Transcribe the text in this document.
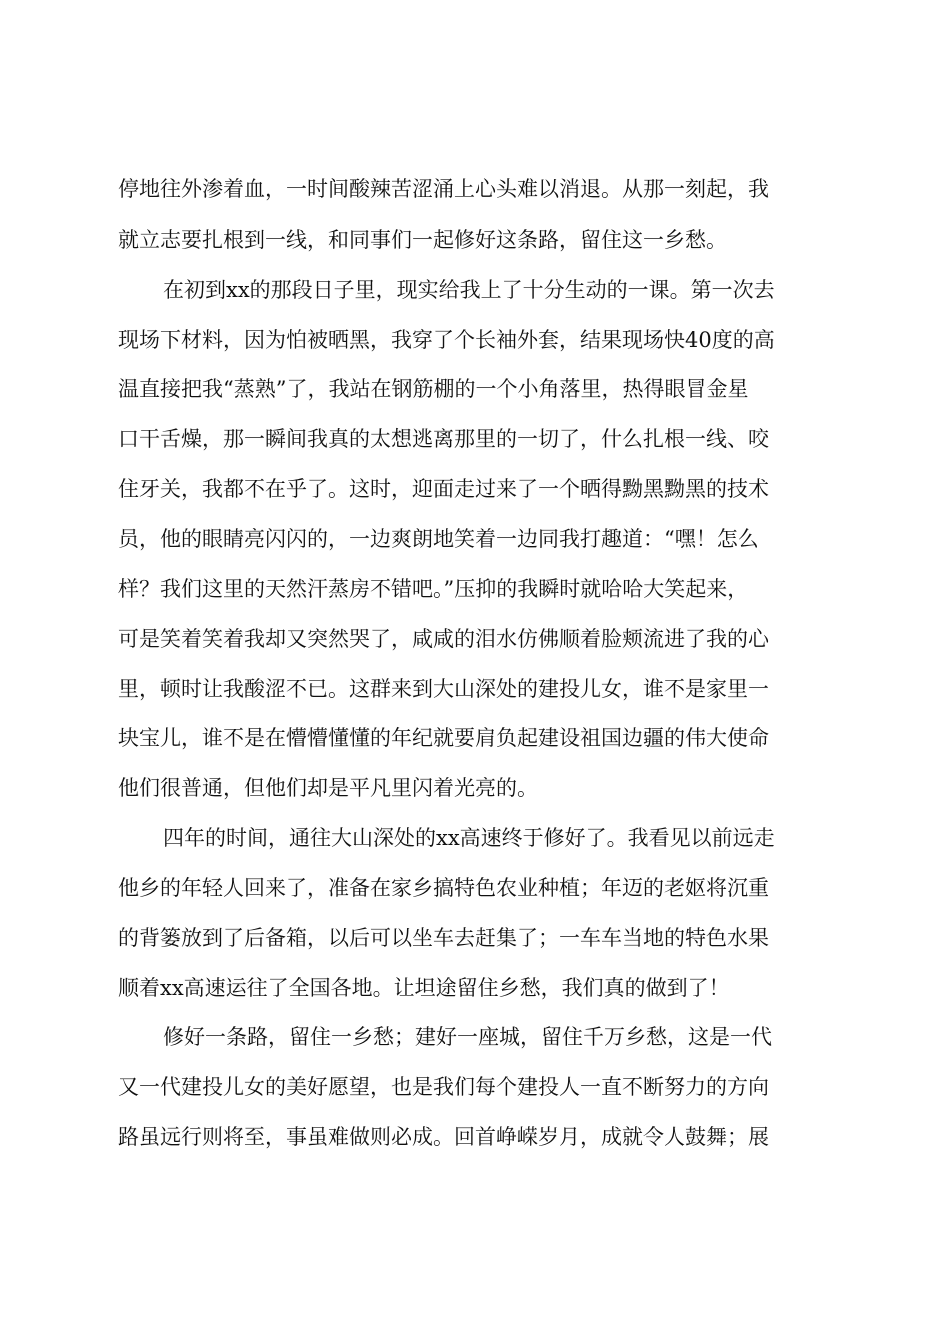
停地往外渗着血，一时间酸辣苦涩涌上心头难以消退。从那一刻起，我
就立志要扎根到一线，和同事们一起修好这条路，留住这一乡愁。
在初到xx的那段日子里，现实给我上了十分生动的一课。第一次去
现场下材料，因为怕被晒黑，我穿了个长袖外套，结果现场快40度的高
温直接把我“蒸熟”了，我站在钢筋棚的一个小角落里，热得眼冒金星
口干舌燥，那一瞬间我真的太想逃离那里的一切了，什么扎根一线、咬
住牙关，我都不在乎了。这时，迎面走过来了一个晒得黝黑黝黑的技术
员，他的眼睛亮闪闪的，一边爽朗地笑着一边同我打趣道：“嘿！怎么
样？我们这里的天然汗蒸房不错吧。”压抑的我瞬时就哈哈大笑起来，
可是笑着笑着我却又突然哭了，咸咸的泪水仿佛顺着脸颊流进了我的心
里，顿时让我酸涩不已。这群来到大山深处的建投儿女，谁不是家里一
块宝儿，谁不是在懵懵懂懂的年纪就要肩负起建设祖国边疆的伟大使命
他们很普通，但他们却是平凡里闪着光亮的。
四年的时间，通往大山深处的xx高速终于修好了。我看见以前远走
他乡的年轻人回来了，准备在家乡搞特色农业种植；年迈的老妪将沉重
的背篓放到了后备箱，以后可以坐车去赶集了；一车车当地的特色水果
顺着xx高速运往了全国各地。让坦途留住乡愁，我们真的做到了！
修好一条路，留住一乡愁；建好一座城，留住千万乡愁，这是一代
又一代建投儿女的美好愿望，也是我们每个建投人一直不断努力的方向
路虽远行则将至，事虽难做则必成。回首峥嵘岁月，成就令人鼓舞；展
